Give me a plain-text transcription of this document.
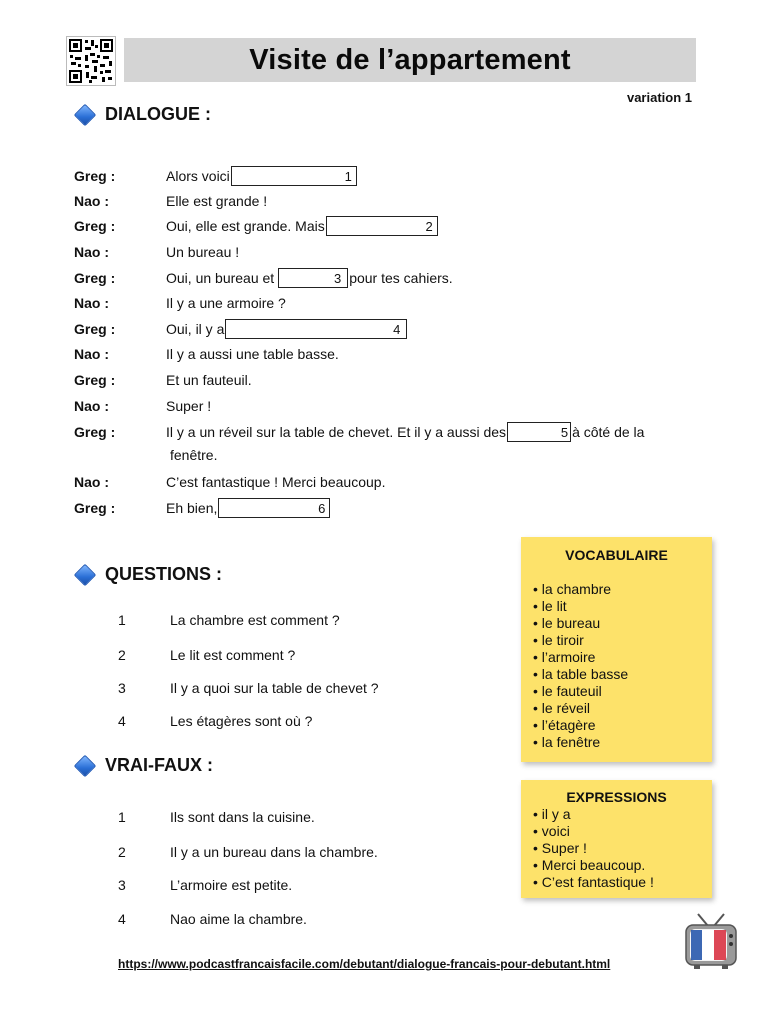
Visite de l’appartement
variation 1
DIALOGUE :
Greg :	Alors voici	1
Nao :	Elle est grande !
Greg :	Oui, elle est grande. Mais	2
Nao :	Un bureau !
Greg :	Oui, un bureau et	3 pour tes cahiers.
Nao :	Il y a une armoire ?
Greg :	Oui, il y a	4
Nao :	Il y a aussi une table basse.
Greg :	Et un fauteuil.
Nao :	Super !
Greg :	Il y a un réveil sur la table de chevet. Et il y a aussi des	5 à côté de la
fenêtre.
Nao :	C’est fantastique ! Merci beaucoup.
Greg :	Eh bien,	6
QUESTIONS :
1	La chambre est comment ?
2	Le lit est comment ?
3	Il y a quoi sur la table de chevet ?
4	Les étagères sont où ?
VRAI-FAUX :
1	Ils sont dans la cuisine.
2	Il y a un bureau dans la chambre.
3	L’armoire est petite.
4	Nao aime la chambre.
VOCABULAIRE
• la chambre
• le lit
• le bureau
• le tiroir
• l’armoire
• la table basse
• le fauteuil
• le réveil
• l’étagère
• la fenêtre
EXPRESSIONS
• il y a
• voici
• Super !
• Merci beaucoup.
• C’est fantastique !
https://www.podcastfrancaisfacile.com/debutant/dialogue-francais-pour-debutant.html
